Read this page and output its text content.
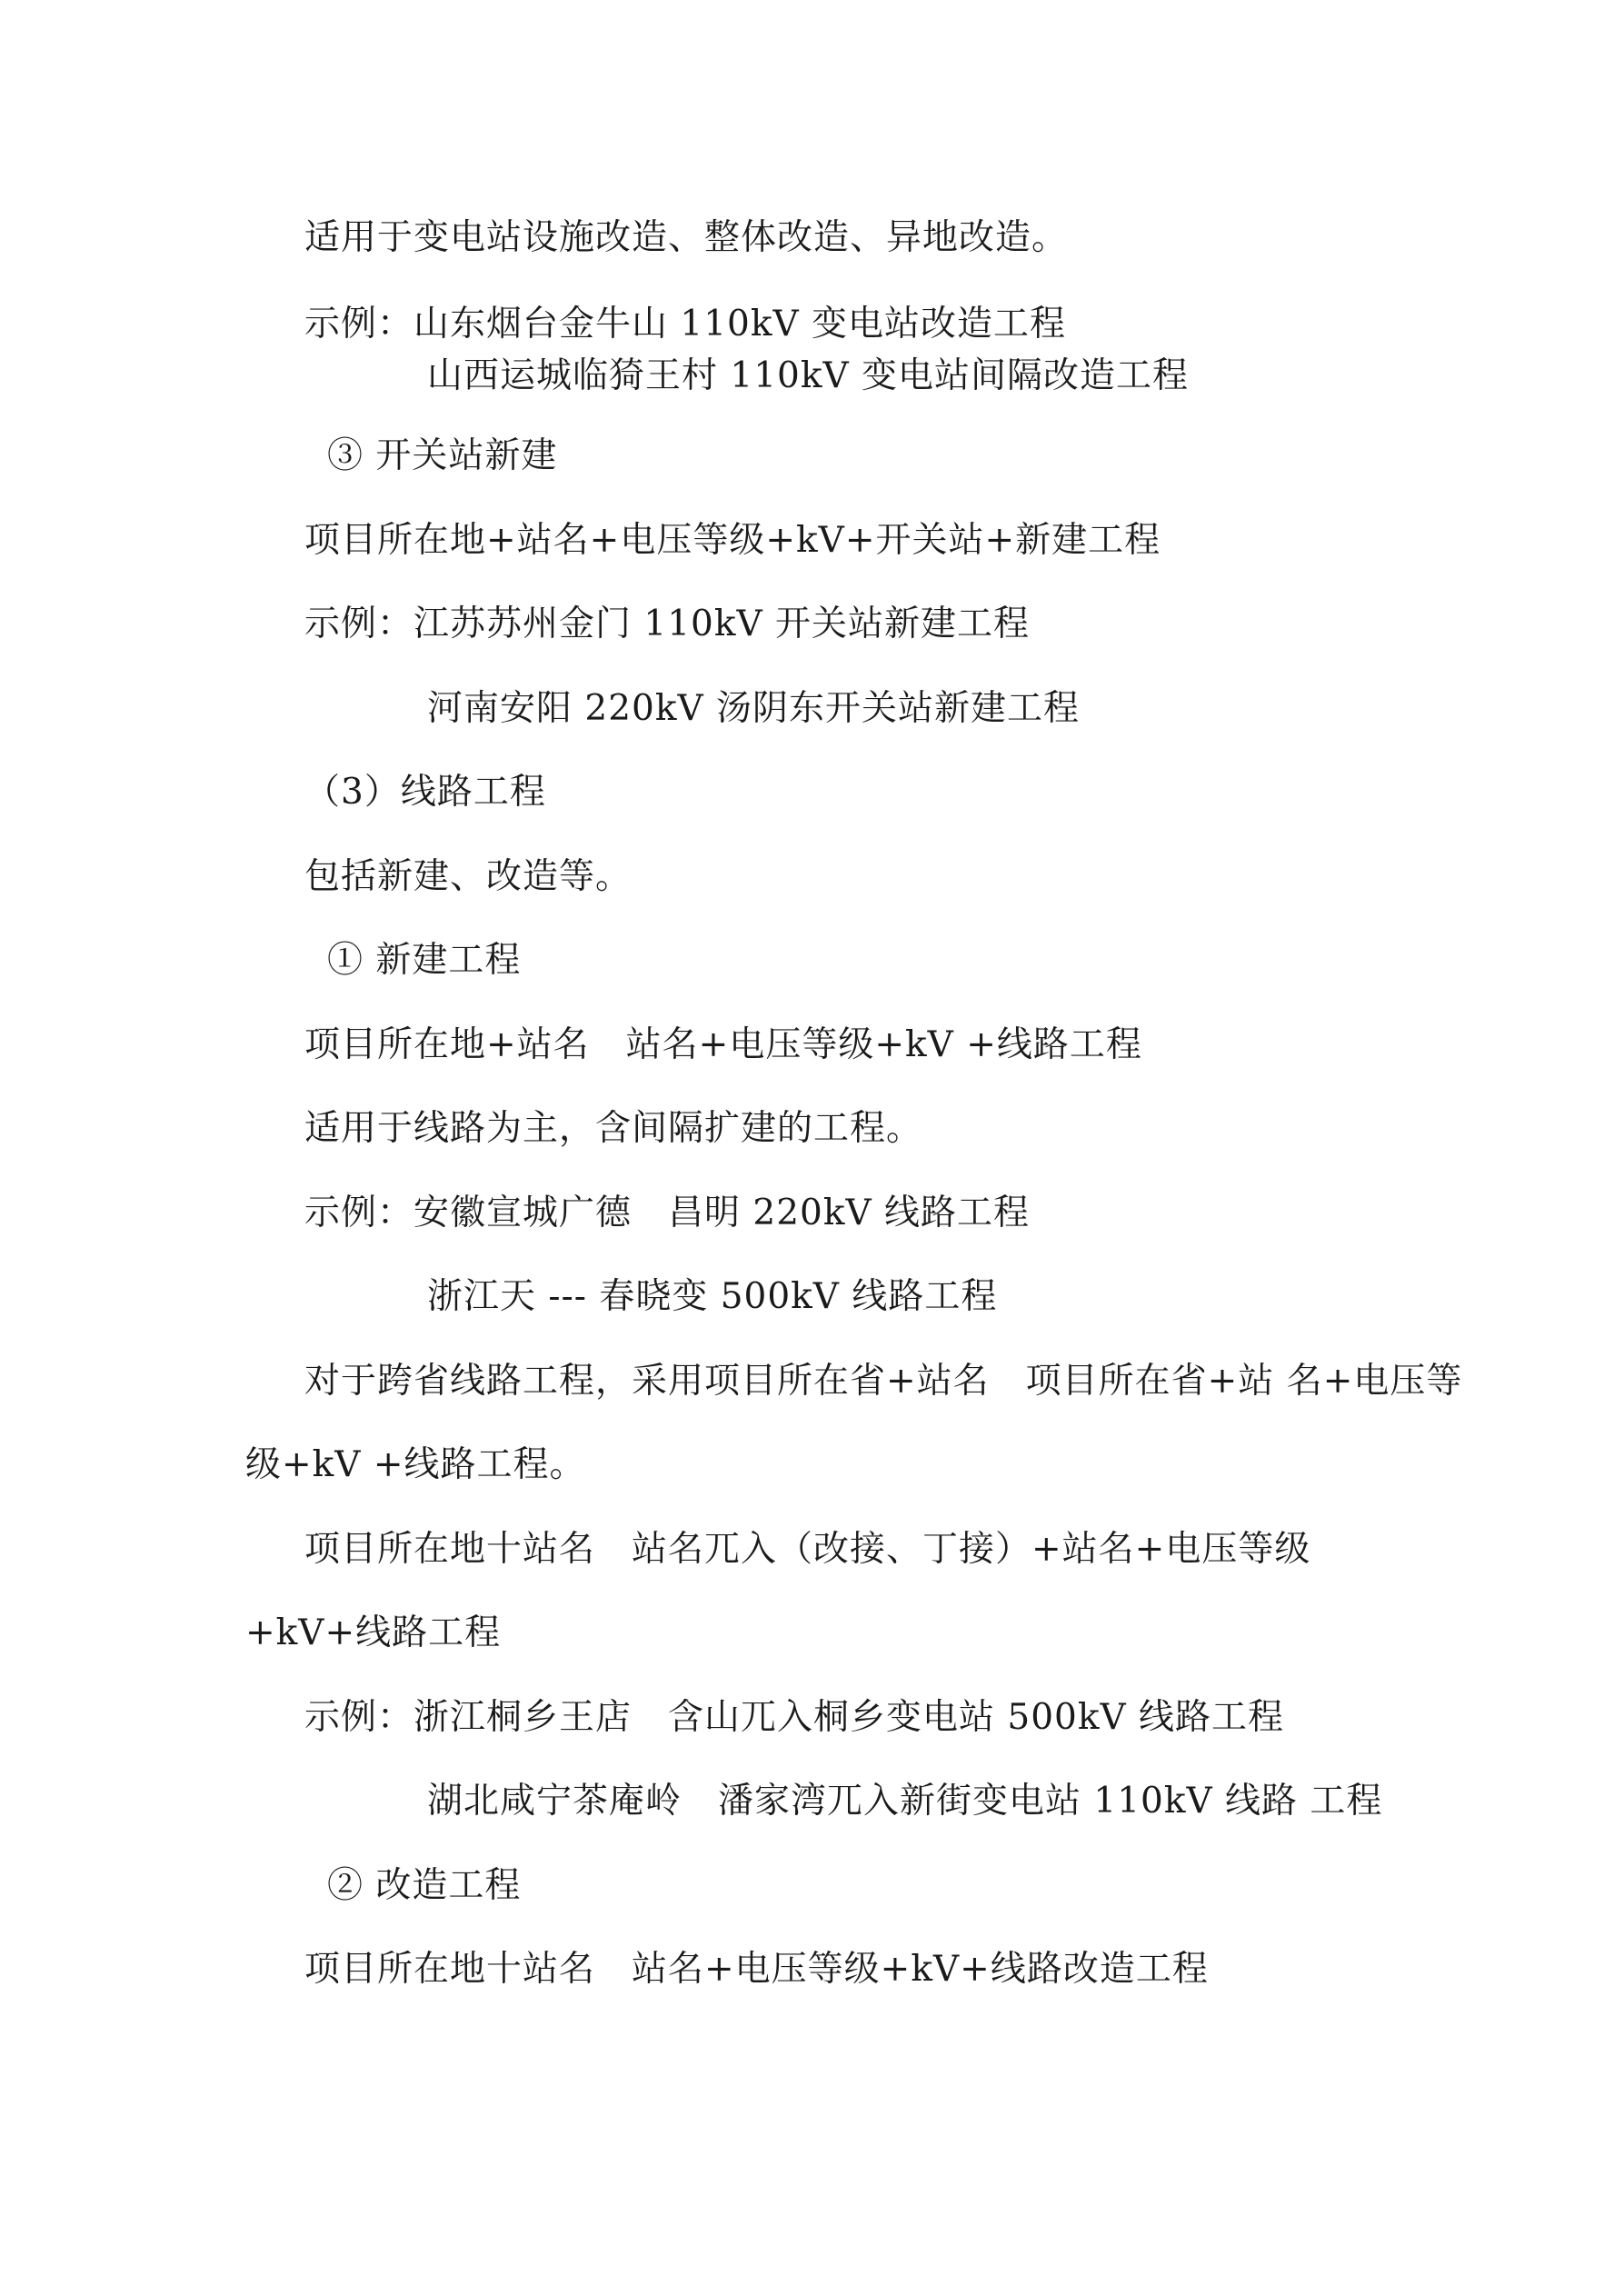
适用于变电站设施改造、整体改造、异地改造。
示例：山东烟台金牛山 110kV 变电站改造工程
山西运城临猗王村 110kV 变电站间隔改造工程
③ 开关站新建
项目所在地+站名+电压等级+kV+开关站+新建工程
示例：江苏苏州金门 110kV 开关站新建工程
河南安阳 220kV 汤阴东开关站新建工程
（3）线路工程
包括新建、改造等。
① 新建工程
项目所在地+站名　站名+电压等级+kV +线路工程
适用于线路为主，含间隔扩建的工程。
示例：安徽宣城广德　昌明 220kV 线路工程
浙江天 --- 春晓变 500kV 线路工程
对于跨省线路工程，采用项目所在省+站名　项目所在省+站 名+电压等
级+kV +线路工程。
项目所在地十站名　站名兀入（改接、丁接）+站名+电压等级
+kV+线路工程
示例：浙江桐乡王店　含山兀入桐乡变电站 500kV 线路工程
湖北咸宁茶庵岭　潘家湾兀入新街变电站 110kV 线路 工程
② 改造工程
项目所在地十站名　站名+电压等级+kV+线路改造工程
